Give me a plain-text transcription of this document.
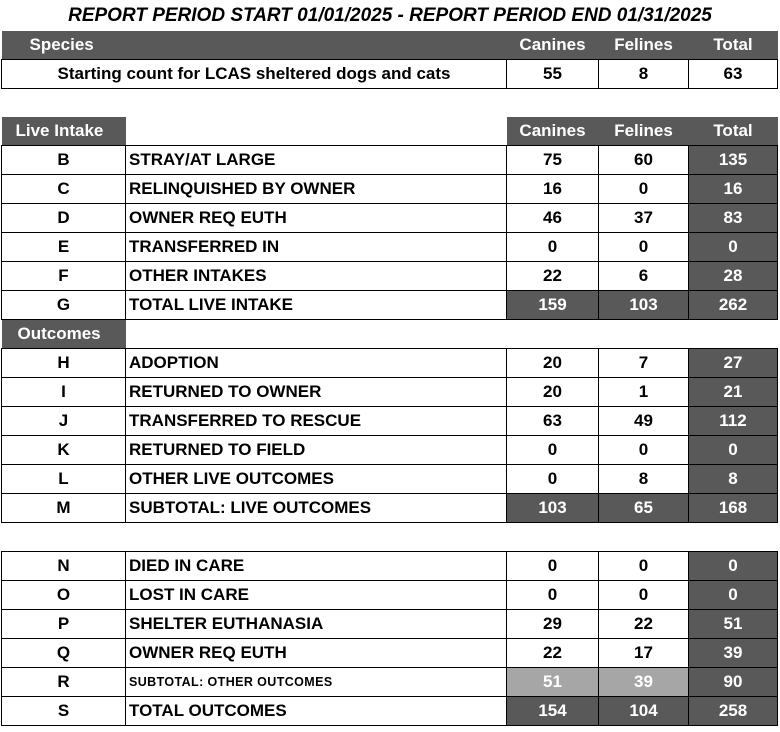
REPORT PERIOD START 01/01/2025 - REPORT PERIOD END 01/31/2025
Species		Canines	Felines	Total
Starting count for LCAS sheltered dogs and cats		55	8	63

Live Intake		Canines	Felines	Total
B	STRAY/AT LARGE	75	60	135
C	RELINQUISHED BY OWNER	16	0	16
D	OWNER REQ EUTH	46	37	83
E	TRANSFERRED IN	0	0	0
F	OTHER INTAKES	22	6	28
G	TOTAL LIVE INTAKE	159	103	262
Outcomes				
H	ADOPTION	20	7	27
I	RETURNED TO OWNER	20	1	21
J	TRANSFERRED TO RESCUE	63	49	112
K	RETURNED TO FIELD	0	0	0
L	OTHER LIVE OUTCOMES	0	8	8
M	SUBTOTAL: LIVE OUTCOMES	103	65	168

N	DIED IN CARE	0	0	0
O	LOST IN CARE	0	0	0
P	SHELTER EUTHANASIA	29	22	51
Q	OWNER REQ EUTH	22	17	39
R	SUBTOTAL: OTHER OUTCOMES	51	39	90
S	TOTAL OUTCOMES	154	104	258
